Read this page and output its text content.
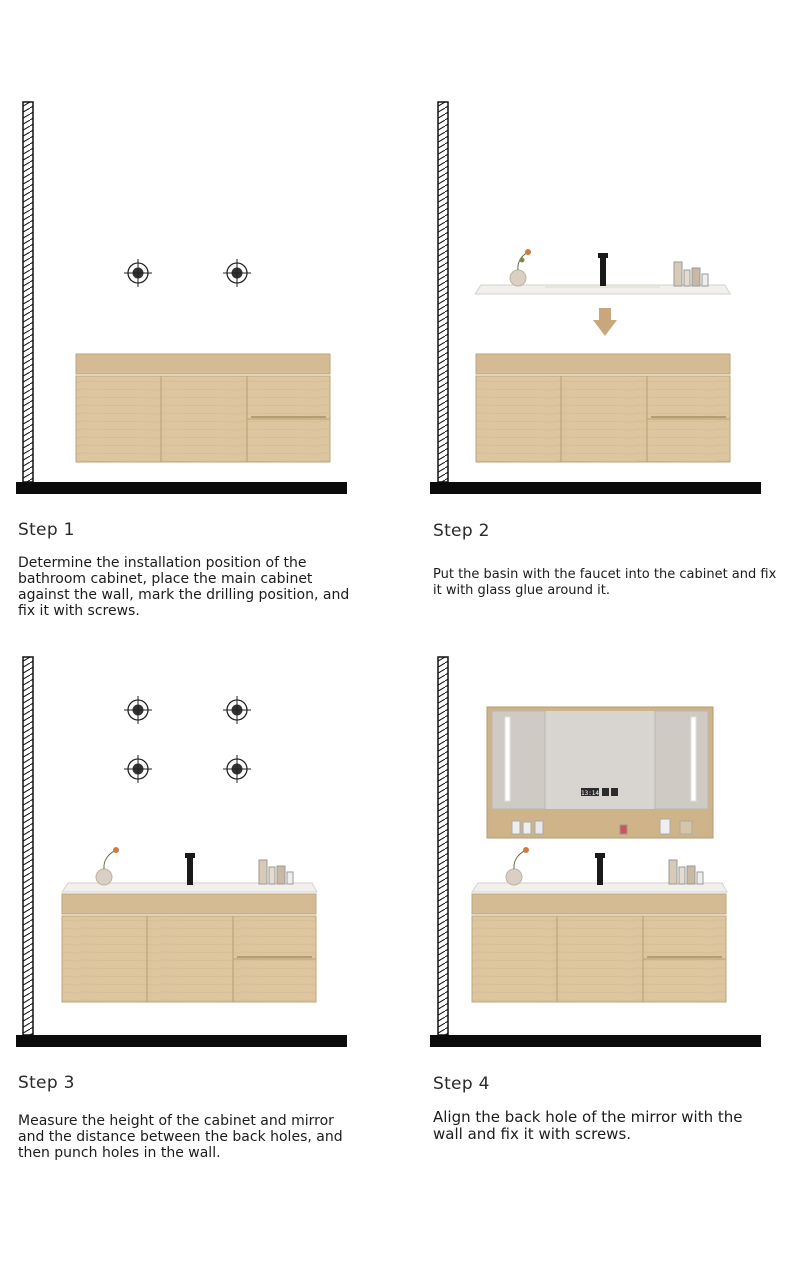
Step 1
Determine the installation position of the bathroom cabinet, place the main cabinet against the wall, mark the drilling position, and fix it with screws.
Step 2
Put the basin with the faucet into the cabinet and fix it with glass glue around it.
Step 3
Measure the height of the cabinet and mirror and the distance between the back holes, and then punch holes in the wall.
13:14
Step 4
Align the back hole of the mirror with the wall and fix it with screws.
